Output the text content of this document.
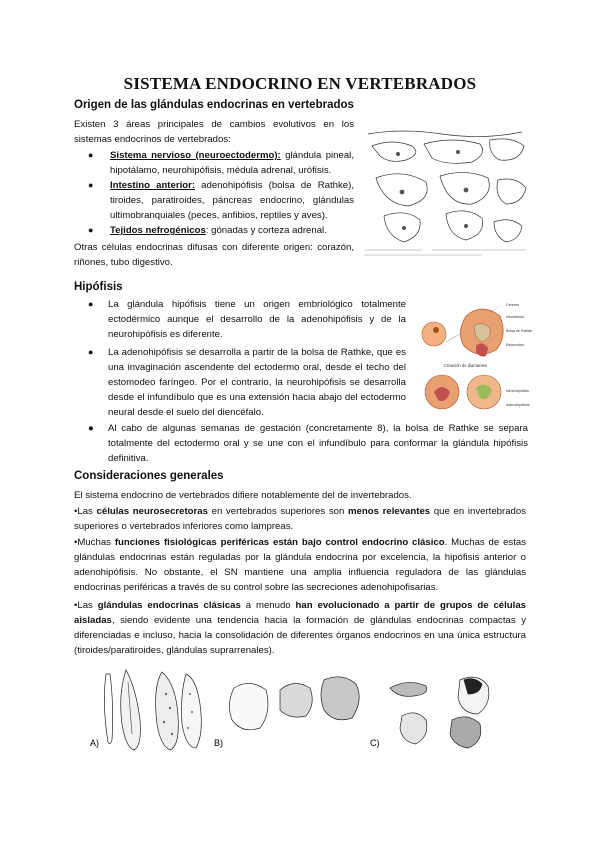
SISTEMA ENDOCRINO EN VERTEBRADOS
Origen de las glándulas endocrinas en vertebrados
Existen 3 áreas principales de cambios evolutivos en los sistemas endocrinos de vertebrados:
● Sistema nervioso (neuroectodermo): glándula pineal, hipotálamo, neurohipófisis, médula adrenal, urófisis.
● Intestino anterior: adenohipófisis (bolsa de Rathke), tiroides, paratiroides, páncreas endocrino, glándulas ultimobranquiales (peces, anfibios, reptiles y aves).
● Tejidos nefrogénicos: gónadas y corteza adrenal.
Otras células endocrinas difusas con diferente origen: corazón, riñones, tubo digestivo.
Hipófisis
● La glándula hipófisis tiene un origen embriológico totalmente ectodérmico aunque el desarrollo de la adenohipófisis y de la neurohipófisis es diferente.
● La adenohipófisis se desarrolla a partir de la bolsa de Rathke, que es una invaginación ascendente del ectodermo oral, desde el techo del estomodeo faríngeo. Por el contrario, la neurohipófisis se desarrolla desde el infundíbulo que es una extensión hacia abajo del ectodermo neural desde el suelo del diencéfalo.
● Al cabo de algunas semanas de gestación (concretamente 8), la bolsa de Rathke se separa totalmente del ectodermo oral y se une con el infundíbulo para conformar la glándula hipófisis definitiva.
Creación de diamantes
Cerebro
Infundíbulo
Bolsa de Rathke
Estomodeo
Neurohipófisis
Adenohipófisis
Consideraciones generales
El sistema endocrino de vertebrados difiere notablemente del de invertebrados.
•Las células neurosecretoras en vertebrados superiores son menos relevantes que en invertebrados superiores o vertebrados inferiores como lampreas.
•Muchas funciones fisiológicas periféricas están bajo control endocrino clásico. Muchas de estas glándulas endocrinas están reguladas por la glándula endocrina por excelencia, la hipófisis anterior o adenohipófisis. No obstante, el SN mantiene una amplia influencia reguladora de las glándulas endocrinas periféricas a través de su control sobre las secreciones adenohipofisarias.
•Las glándulas endocrinas clásicas a menudo han evolucionado a partir de grupos de células aisladas, siendo evidente una tendencia hacia la formación de glándulas endocrinas compactas y diferenciadas e incluso, hacia la consolidación de diferentes órganos endocrinos en una única estructura (tiroides/paratiroides, glándulas suprarrenales).
A)	B)	C)
